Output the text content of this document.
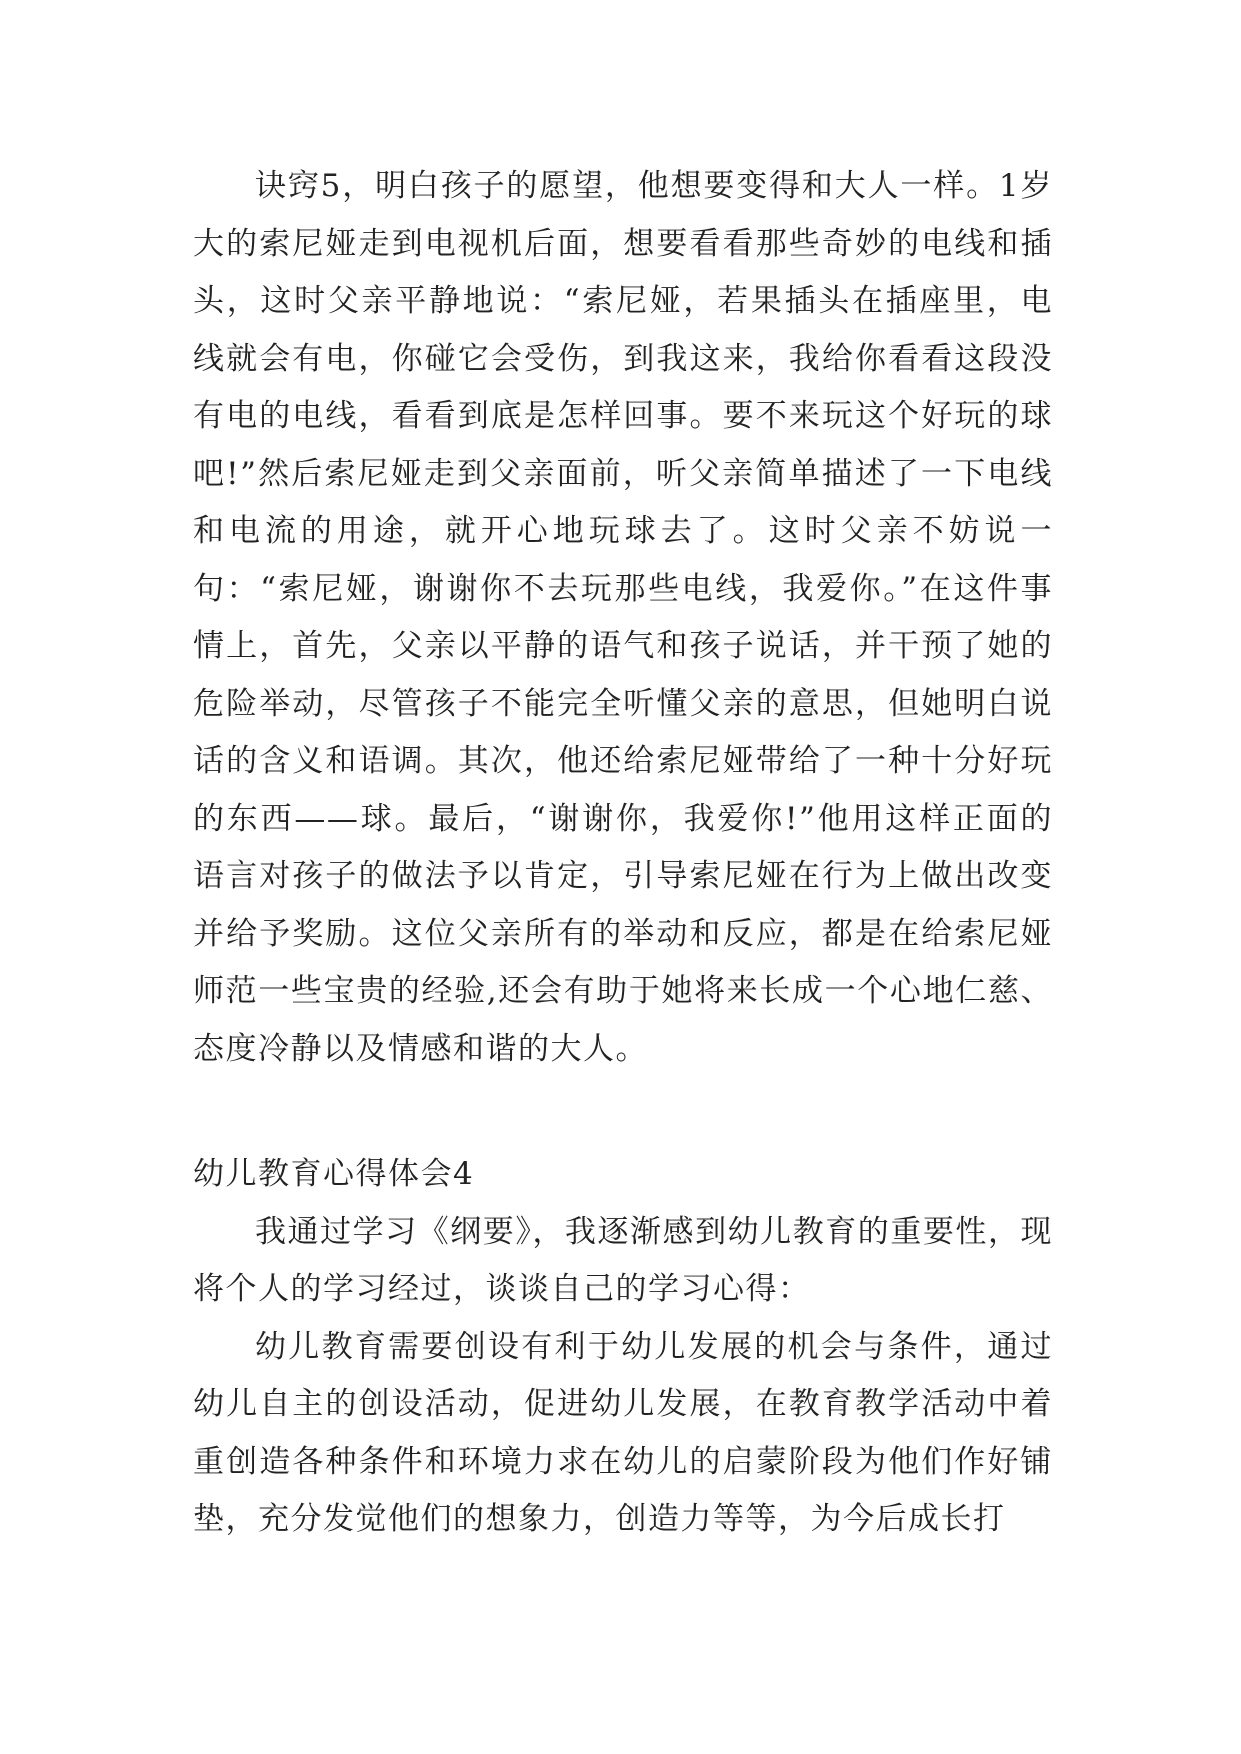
诀窍5，明白孩子的愿望，他想要变得和大人一样。1岁大的索尼娅走到电视机后面，想要看看那些奇妙的电线和插头，这时父亲平静地说：“索尼娅，若果插头在插座里，电线就会有电，你碰它会受伤，到我这来，我给你看看这段没有电的电线，看看到底是怎样回事。要不来玩这个好玩的球吧!”然后索尼娅走到父亲面前，听父亲简单描述了一下电线和电流的用途，就开心地玩球去了。这时父亲不妨说一句：“索尼娅，谢谢你不去玩那些电线，我爱你。”在这件事情上，首先，父亲以平静的语气和孩子说话，并干预了她的危险举动，尽管孩子不能完全听懂父亲的意思，但她明白说话的含义和语调。其次，他还给索尼娅带给了一种十分好玩的东西——球。最后，“谢谢你，我爱你!”他用这样正面的语言对孩子的做法予以肯定，引导索尼娅在行为上做出改变并给予奖励。这位父亲所有的举动和反应，都是在给索尼娅师范一些宝贵的经验,还会有助于她将来长成一个心地仁慈、态度冷静以及情感和谐的大人。

幼儿教育心得体会4

我通过学习《纲要》，我逐渐感到幼儿教育的重要性，现将个人的学习经过，谈谈自己的学习心得：

幼儿教育需要创设有利于幼儿发展的机会与条件，通过幼儿自主的创设活动，促进幼儿发展，在教育教学活动中着重创造各种条件和环境力求在幼儿的启蒙阶段为他们作好铺垫，充分发觉他们的想象力，创造力等等，为今后成长打
